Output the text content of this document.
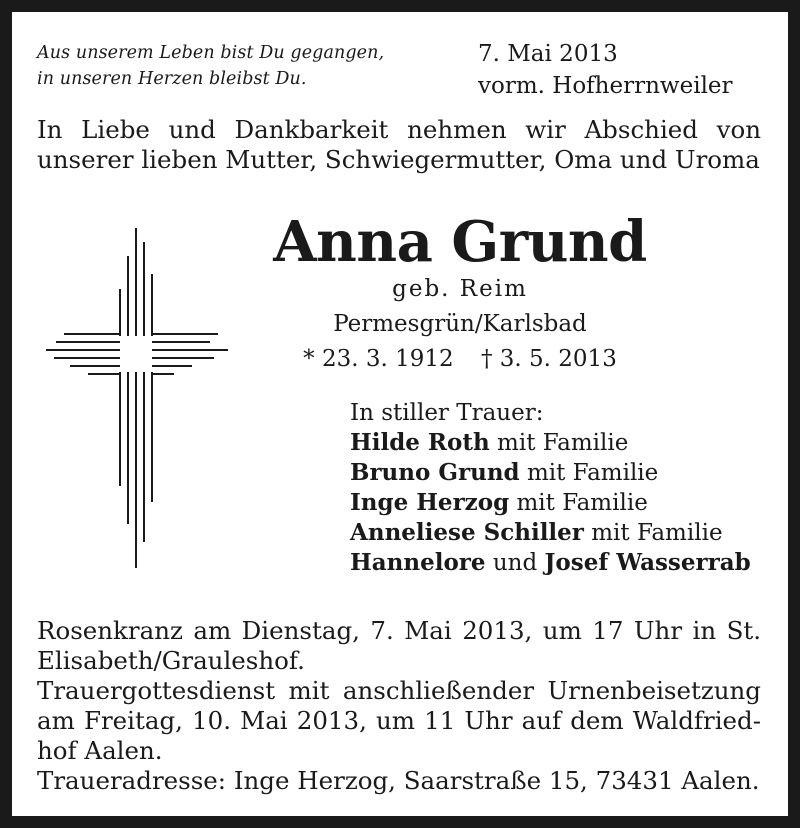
Aus unserem Leben bist Du gegangen,
in unseren Herzen bleibst Du.
7. Mai 2013
vorm. Hofherrnweiler
In Liebe und Dankbarkeit nehmen wir Abschied von unserer lieben Mutter, Schwiegermutter, Oma und Uroma
Anna Grund
geb. Reim
Permesgrün/Karlsbad
* 23. 3. 1912 † 3. 5. 2013
In stiller Trauer:
Hilde Roth mit Familie
Bruno Grund mit Familie
Inge Herzog mit Familie
Anneliese Schiller mit Familie
Hannelore und Josef Wasserrab

Rosenkranz am Dienstag, 7. Mai 2013, um 17 Uhr in St. Elisabeth/Grauleshof.

Trauergottesdienst mit anschließender Urnenbeisetzung am Freitag, 10. Mai 2013, um 11 Uhr auf dem Waldfried-hof Aalen.

Traueradresse: Inge Herzog, Saarstraße 15, 73431 Aalen.
